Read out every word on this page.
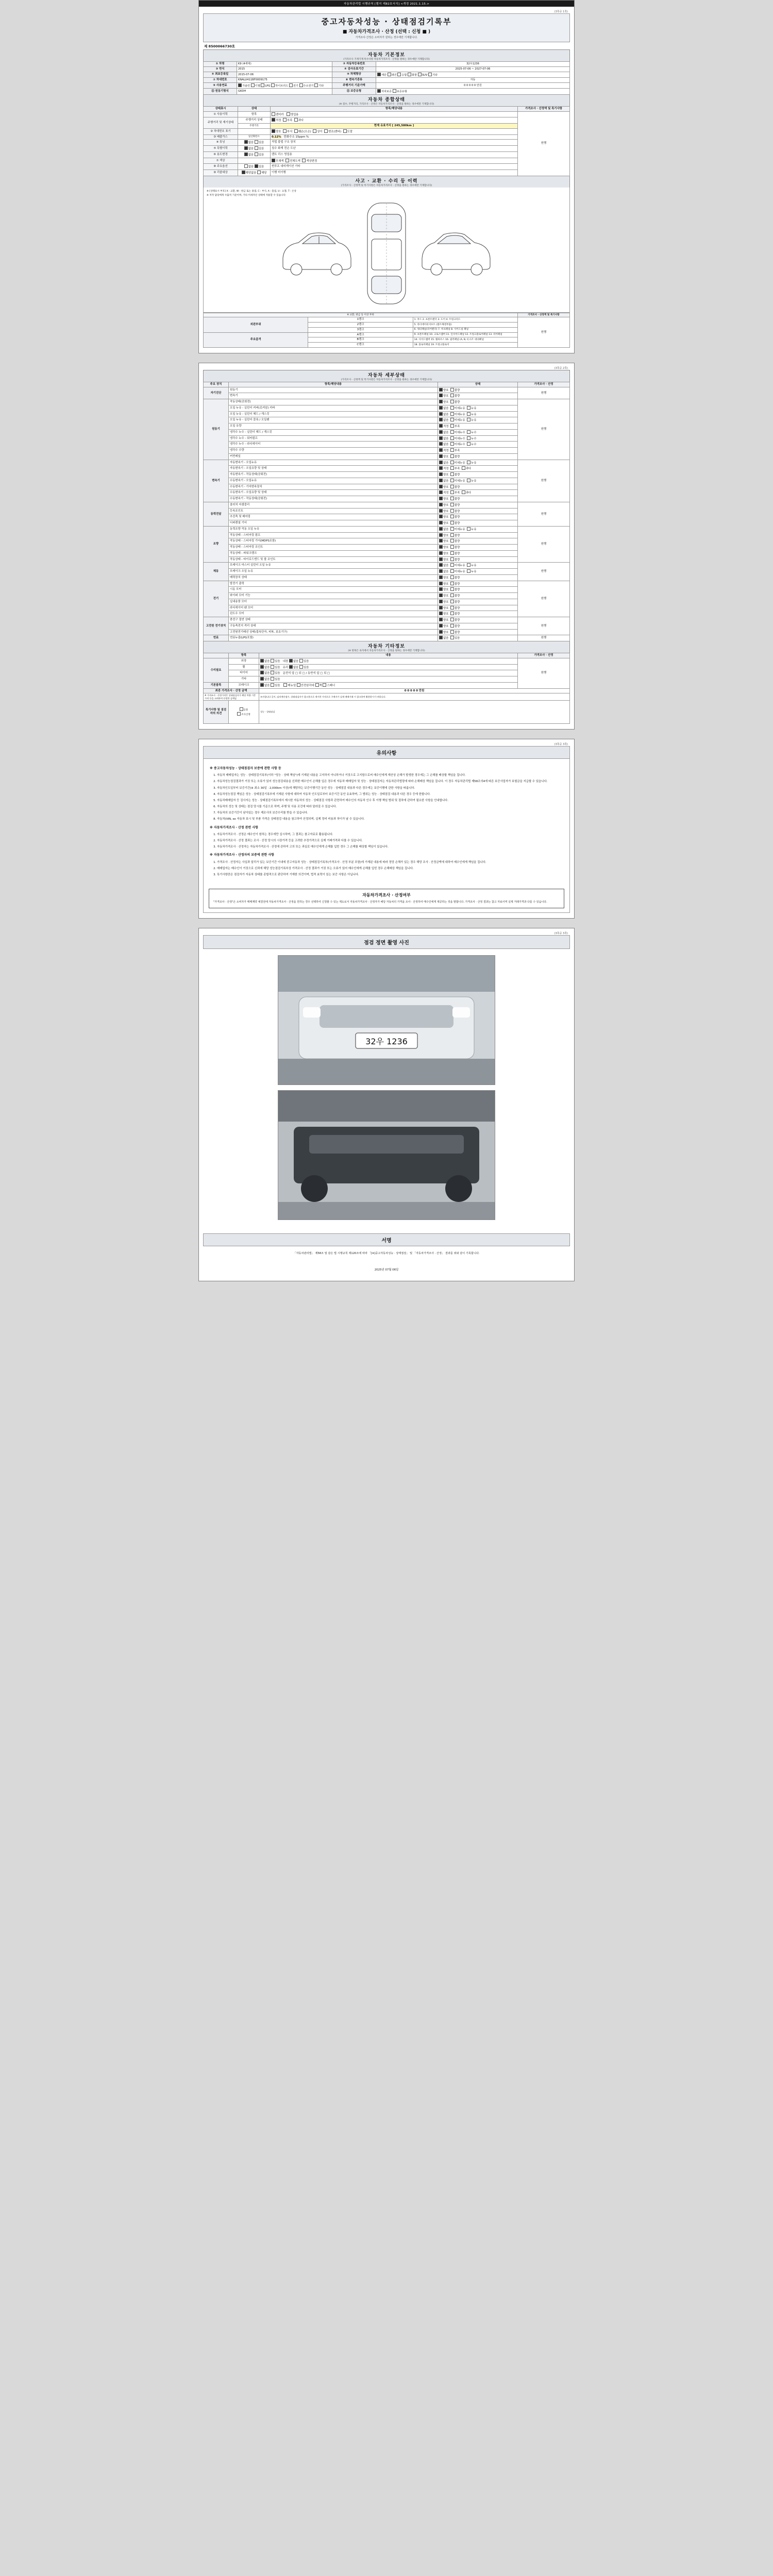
자동차관리법 시행규칙 [별지 제82호서식] <개정 2021.1.15.>
(3쪽중 1쪽)
중고자동차성능 · 상태점검기록부
■ 자동차가격조사 · 산정 (선택 : 신청 ■ )
가격조사·산정은 소비자가 원하는 경우에만 기재합니다.
제 8500066730호
자동차 기본정보
(가격조사 기재기재 특수사항 자동차가격조사 · 산정을 원하는 경우에만 기재합니다)
① 차명	K9 (4세대)	② 자동차등록번호	32우1236
③ 연식	2015	④ 검사유효기간	2025-07-06 ~ 2027-07-06
⑤ 최초등록일	2015-07-06	⑩ 차체형상	세단 왜건 승합 화물 SUV 기타
⑦ 차대번호	KNALU411BF0009175	⑧ 변속기종류	자동
⑨ 사용연료	가솔린 디젤 LPG 하이브리드 전기 수소전기 기타	주행거리 기준가액	0 0 0 0 0 만원
⑪ 원동기형식	G6DH	⑪ 보증유형	자차보증 보증유형
자동차 종합상태
(※ 점수, 주행거리, 가격조사 · 산정은 자동차가격조사 · 산정을 원하는 경우에만 기재합니다)
상태표시	상태	항목/해당내용	가격조사 · 산정액 및 특기사항
① 사용이력	항목	렌터카 영업용	원행
주행거리 및 계기상태	주행거리 상태	적정 부족 과다	
	주행거리	현재 유효거리 [ 245,580km ]	
② 차대번호 표기		양호 부식 훼손(오손) 상이 변조(변타) 도말	
③ 배출가스	일산화탄소	0.12% 탄화수소 15ppm %	
④ 튜닝	없음 있음	적법 불법 구조 장치	
⑤ 특별이력	없음 있음	침수 화재 전손 도난	
⑥ 용도변경	없음 있음	렌트 리스 영업용	
⑦ 색상		무채색 전체도색 색상변경	
⑧ 주요옵션	없음 있음	썬루프 내비게이션 기타	
⑨ 리콜대상	해당없음 해당	이행 미이행	
사고 · 교환 · 수리 등 이력
(가격조사 · 산정액 및 특기사항은 자동차가격조사 · 산정을 원하는 경우에만 기재합니다)
※ [상태표시 부호] X : 교환, W : 판금 또는 용접, C : 부식, A : 흠집, U : 요철, T : 손상
※ 저작 담당에게 수출적 기준이며, 기타 미세적인 상태에 적용할 수 있습니다
※ 교환, 판금 등 이상 부위			가격조사 · 산정액 및 특기사항
외판부위	1랭크	1. 후드 2. 프론트펜더 3. 도어 4. 트렁크리드	원행
	2랭크	5. 라디에이터서포트 (볼트체결부품)	
	3랭크	6. 쿼터패널(리어펜더) 7. 루프패널 8. 사이드실 패널	
주요골격	A랭크	9. 프론트패널 10. 크로스멤버 11. 인사이드패널 12. 트렁크플로어패널 13. 리어패널	
	B랭크	14. 사이드멤버 15. 휠하우스 16. 필러패널 (A, B, C) 17. 대쉬패널	
	C랭크	18. 플로어패널 19. 트렁크플로어	
(3쪽중 2쪽)
자동차 세부상태
(가격조사 · 산정액 및 특기사항은 자동차가격조사 · 산정을 원하는 경우에만 기재합니다)
주요 장치	항목/해당내용	상태	가격조사 · 산정
자기진단	원동기	양호 불량	원행
	변속기	양호 불량	
원동기	작동상태(공회전)	양호 불량	원행
	오일 누유 - 실린더 커버(로커암) 카바	없음 미세누유 누유	
	오일 누유 - 실린더 헤드 / 개스킷	없음 미세누유 누유	
	오일 누유 - 실린더 블록 / 오일팬	없음 미세누유 누유	
	오일 유량	적정 부족	
	냉각수 누수 - 실린더 헤드 / 개스킷	없음 미세누수 누수	
	냉각수 누수 - 워터펌프	없음 미세누수 누수	
	냉각수 누수 - 라디에이터	없음 미세누수 누수	
	냉각수 수량	적정 부족	
	커먼레일	양호 불량	
변속기	자동변속기 - 오일누유	없음 미세누유 누유	원행
	자동변속기 - 오일유량 및 상태	적정 부족 과다	
	자동변속기 - 작동상태(공회전)	양호 불량	
	수동변속기 - 오일누유	없음 미세누유 누유	
	수동변속기 - 기어변속장치	양호 불량	
	수동변속기 - 오일유량 및 상태	적정 부족 과다	
	수동변속기 - 작동상태(공회전)	양호 불량	
동력전달	클러치 어셈블리	양호 불량	원행
	등속조인트	양호 불량	
	추진축 및 베어링	양호 불량	
	디퍼렌셜 기어	양호 불량	
조향	동력조향 작동 오일 누유	없음 미세누유 누유	원행
	작동상태 - 스티어링 펌프	양호 불량	
	작동상태 - 스티어링 기어(MDPS포함)	양호 불량	
	작동상태 - 스티어링 조인트	양호 불량	
	작동상태 - 파워크랭크	양호 불량	
	작동상태 - 타이로드엔드 및 볼 조인트	양호 불량	
제동	브레이크 마스터 실린더 오일 누유	없음 미세누유 누유	원행
	브레이크 오일 누유	없음 미세누유 누유	
	배력장치 상태	양호 불량	
전기	발전기 출력	양호 불량	원행
	시동 모터	양호 불량	
	와이퍼 모터 기능	양호 불량	
	실내송풍 모터	양호 불량	
	라디에이터 팬 모터	양호 불량	
	윈도우 모터	양호 불량	
고전원 전기장치	충전구 절연 상태	양호 불량	원행
	구동축전지 격리 상태	양호 불량	
	고전원전기배선 상태(접속단자, 피복, 보호기구)	양호 불량	
연료	연료누출(LPG포함)	없음 있음	원행
자동차 기타정보
(※ 항목은 속지에서 자동차가격조사 · 산정을 원하는 경우에만 기재합니다)
	항목	내용	가격조사 · 산정
수리필요	외장	없음 있음 내장 없음 있음	원행
	휠	없음 있음 유리 없음 있음	
	타이어	없음 있음 운전석 앞 □ 뒤 □ / 동반석 앞 □ 뒤 □	
	기타	없음 있음	
기본품목	브레이크	없음 있음 매뉴얼 안전삼각대 잭 스패너	
최종 가격조사 · 산정 금액		0 0 0 0 0 만원	
※ 가격조사 · 산정가격은 상태점검자가 해당 차량 기준가격 등을 고려하여 산정한 금액임		조사합니다 길이, 임의계산점수, 상태점검자가 참고용으로 제시한 가격으로 구매자가 실제 매매거래 시 참고하여 활용하시기 바랍니다.	
특기사항 및 점검자의 의견	공통
조사산정	성능 · 상태점검	
(3쪽중 3쪽)
유의사항
※ 중고자동차성능 · 상태점검자 보증에 관한 사항 등
1. 자동차 매매업자는 성능 · 상태점검기록부(이하 "성능 · 상태 책임")에 기재된 내용을 고지하지 아니하거나 거짓으로 고지함으로써 매수인에게 재산상 손해가 발생한 경우에는 그 손해를 배상할 책임을 집니다.
2. 자동차성능점검결과가 거짓 또는 오류가 있어 성능점검내용을 신뢰한 매수인이 손해를 입은 경우에 자동차 매매업자 및 성능 · 상태점검자는 자동차관리법령에 따라 손해배상 책임을 집니다. 이 경우 자동차관리법 제58조의4에 따른 보증사업자가 보험금을 지급할 수 있습니다.
3. 자동차인도일부터 보증기간(※ 최소 30일 · 2,000km 이상)에 해당하는 보증이행기간 동안 성능 · 상태점검 내용과 다른 경우에는 보증이행에 관한 사항을 따릅니다.
4. 자동차성능점검 책임은 성능 · 상태점검기록부에 기재된 사항에 대하여 자동차 인도일로부터 보증기간 동안 유효하며, 그 범위는 성능 · 상태점검 내용과 다른 경우 등에 한합니다.
5. 자동차매매업자 등 검사자는 성능 · 상태점검기록부에서 제시한 자동차의 성능 · 상태점검 사항과 관련하여 매수인의 자동차 인수 후 이행 책임 범위 및 절차에 관하여 필요한 사항을 안내합니다.
6. 자동차의 성능 및 상태는 점검 당시를 기준으로 하며, 주행 및 사용 조건에 따라 달라질 수 있습니다.
7. 자동차의 보증기간이 남아있는 경우 제조사의 보증수리를 받을 수 있습니다.
8. 자동차(VIN, ex 자동차 표시 및 부품 가격은 상태점검 내용을 참고하여 산정되며, 실제 정비 비용과 차이가 날 수 있습니다.
※ 자동차가격조사 · 산정 관련 사항
1. 자동차가격조사 · 산정은 매수인이 원하는 경우에만 실시하며, 그 결과는 참고자료로 활용됩니다.
2. 자동차가격조사 · 산정 결과는 조사 · 산정 당시의 시장가격 등을 고려한 추정가격으로 실제 거래가격과 다를 수 있습니다.
3. 자동차가격조사 · 산정자는 자동차가격조사 · 산정에 관하여 고의 또는 과실로 매수인에게 손해를 입힌 경우 그 손해를 배상할 책임이 있습니다.
※ 자동차가격조사 · 산정자의 보증에 관한 사항
1. 가격조사 · 산정자는 사실과 달리가 있는 보증기간 이내에 중고자동차 성능 · 상태점검기록부(가격조사 · 산정 부분 포함)에 기재된 내용에 따라 정당 손해가 있는 경우 해당 조사 · 산정금액에 대하여 매수인에게 책임을 집니다.
2. 매매업자는 매수인이 거짓으로 신뢰에 해당 성능점검기록부상 가격조사 · 산정 결과가 거짓 또는 오류가 있어 매수인에게 손해를 입힌 경우 손해배상 책임을 집니다.
3. 특기사항란은 점검자가 자동차 상태를 종합적으로 판단하여 기재한 의견이며, 법적 효력이 있는 보증 사항은 아닙니다.
자동차가격조사 · 산정여부
"가격조사 · 산정"은 소비자가 매매계약 체결전에 자동차가격조사 · 산정을 원하는 경우 선택하여 신청할 수 있는 제도로서 자동차가격조사 · 산정자가 해당 자동차의 가격을 조사 · 산정하여 매수인에게 제공하는 것을 말합니다. 가격조사 · 산정 결과는 참고 자료이며 실제 거래가격과 다를 수 있습니다.
(3쪽중 3쪽)
점검 정면 촬영 사진
32우 1236
서명
「자동차관리법」 제58조 및 같은 법 시행규칙 제120조에 따라 「[※]중고자동차성능 · 상태점검」 및 「자동차가격조사 · 산정」 결과를 위와 같이 기록합니다.
2025년 07월 06일
